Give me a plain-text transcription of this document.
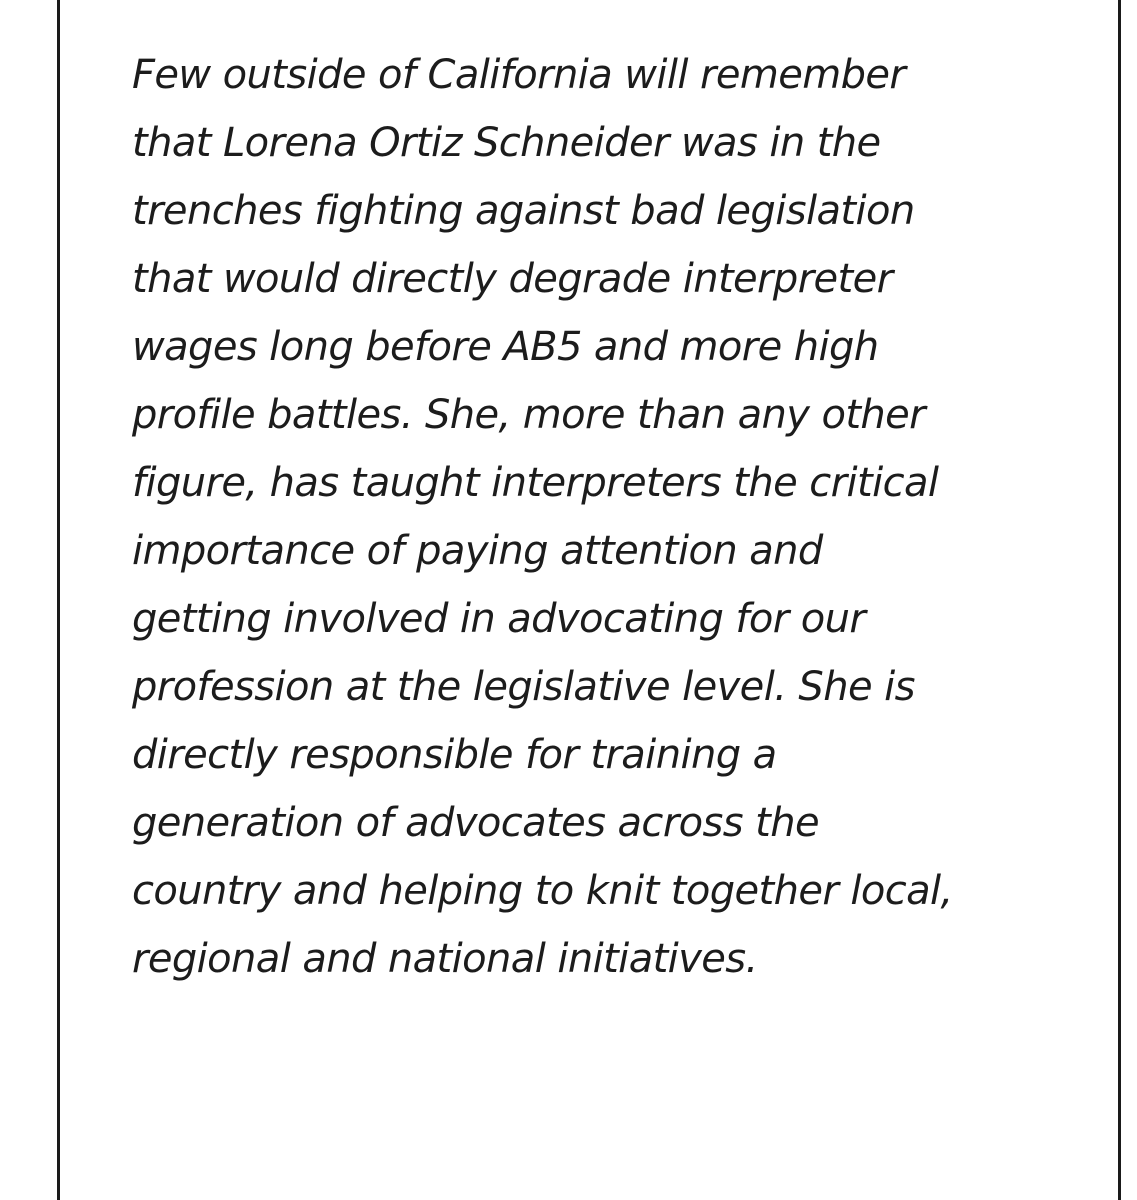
Few outside of California will remember
that Lorena Ortiz Schneider was in the
trenches fighting against bad legislation
that would directly degrade interpreter
wages long before AB5 and more high
profile battles. She, more than any other
figure, has taught interpreters the critical
importance of paying attention and
getting involved in advocating for our
profession at the legislative level. She is
directly responsible for training a
generation of advocates across the
country and helping to knit together local,
regional and national initiatives.
